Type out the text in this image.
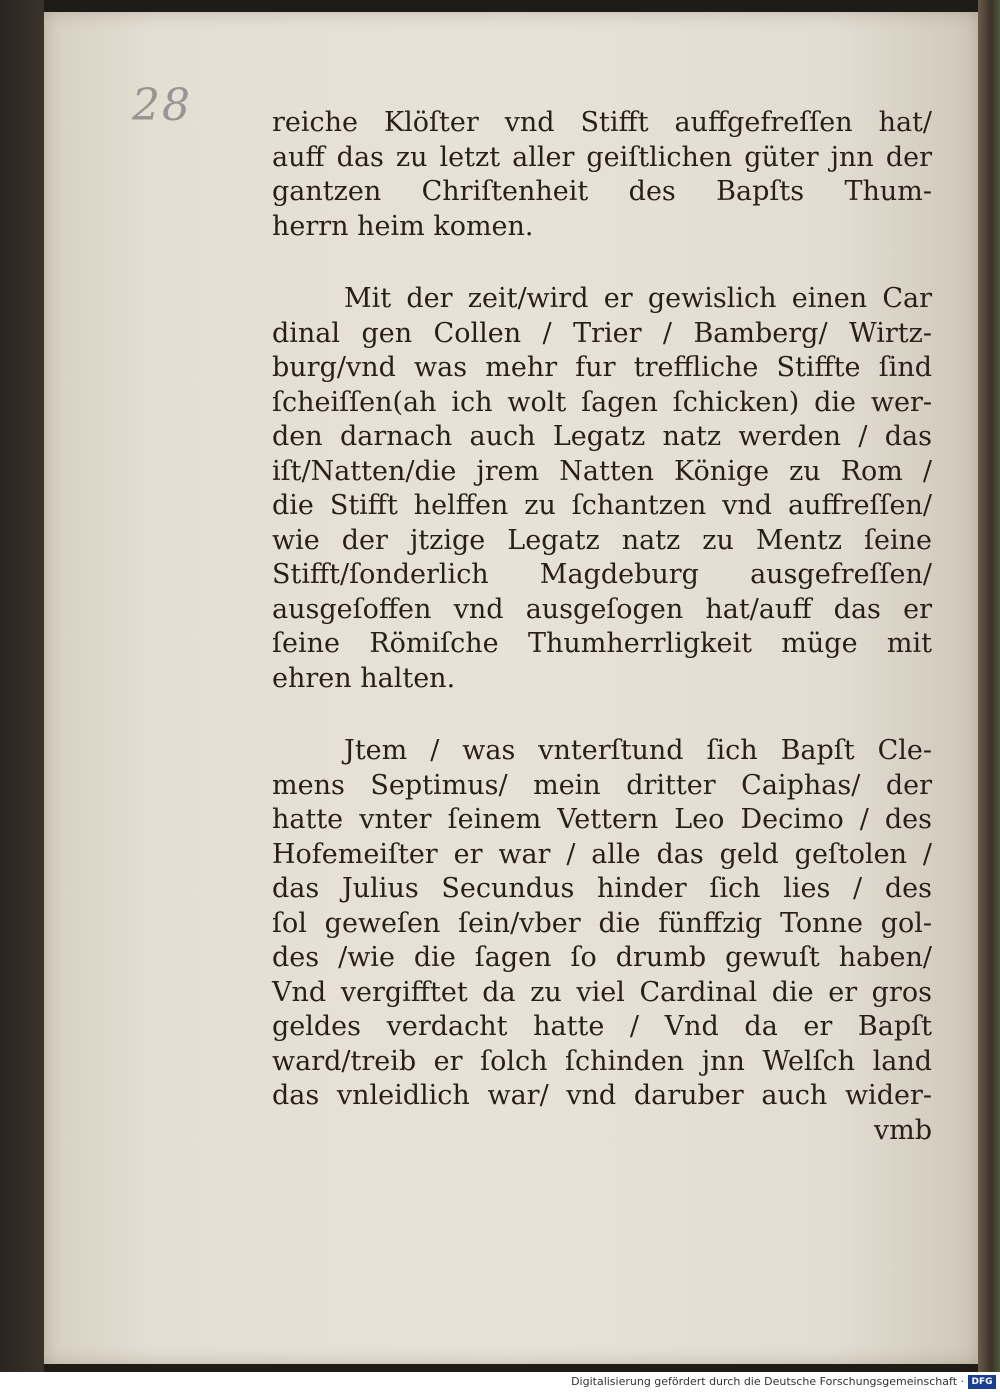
28	reiche Klöſter vnd Stifft auffgefreſſen hat/
auff das zu letzt aller geiſtlichen güter jnn der
gantzen Chriſtenheit des Bapſts Thum-
herrn heim komen.
Mit der zeit/wird er gewislich einen Car
dinal gen Collen / Trier / Bamberg/ Wirtz-
burg/vnd was mehr fur treffliche Stiffte ſind
ſcheiſſen(ah ich wolt ſagen ſchicken) die wer-
den darnach auch Legatz natz werden / das
iſt/Natten/die jrem Natten Könige zu Rom /
die Stifft helffen zu ſchantzen vnd auffreſſen/
wie der jtzige Legatz natz zu Mentz ſeine
Stifft/ſonderlich Magdeburg ausgefreſſen/
ausgeſoffen vnd ausgeſogen hat/auff das er
ſeine Römiſche Thumherrligkeit müge mit
ehren halten.
Jtem / was vnterſtund ſich Bapſt Cle-
mens Septimus/ mein dritter Caiphas/ der
hatte vnter ſeinem Vettern Leo Decimo / des
Hofemeiſter er war / alle das geld geſtolen /
das Julius Secundus hinder ſich lies / des
ſol geweſen ſein/vber die fünffzig Tonne gol-
des /wie die ſagen ſo drumb gewuſt haben/
Vnd vergifftet da zu viel Cardinal die er gros
geldes verdacht hatte / Vnd da er Bapſt
ward/treib er ſolch ſchinden jnn Welſch land
das vnleidlich war/ vnd daruber auch wider-
vmb
Digitalisierung gefördert durch die Deutsche Forschungsgemeinschaft · DFG
